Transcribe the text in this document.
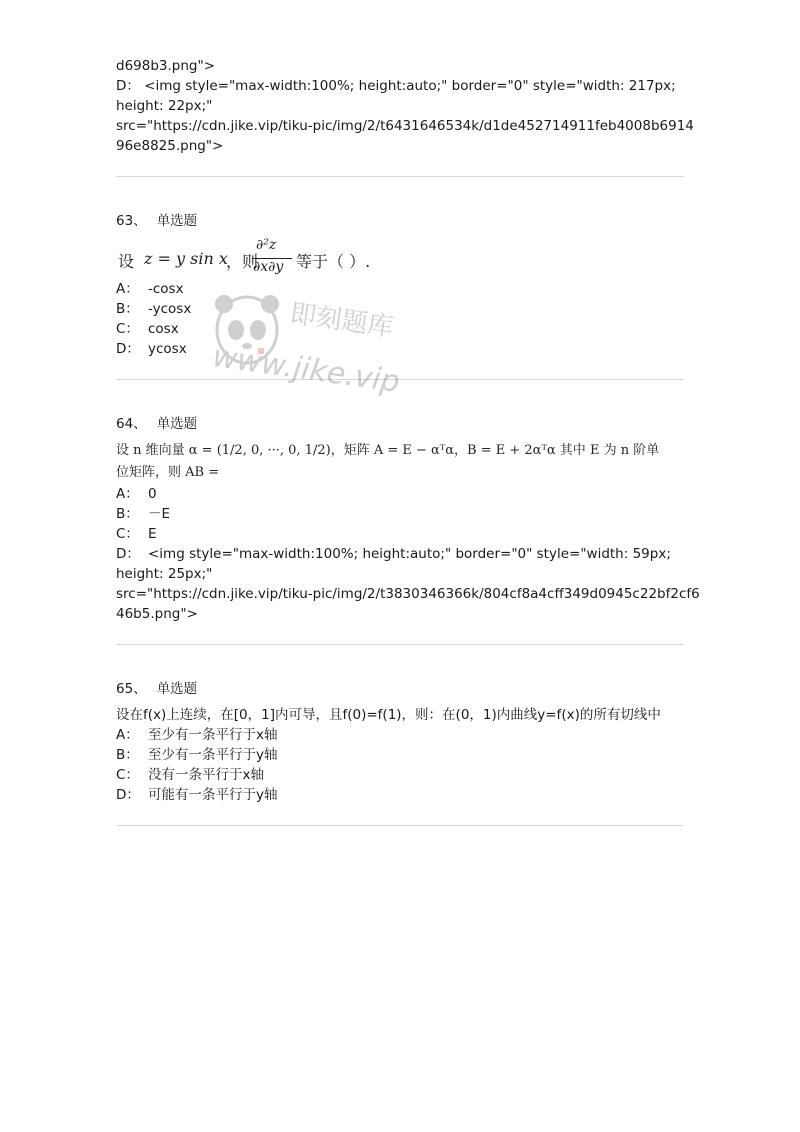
d698b3.png">
D： <img style="max-width:100%; height:auto;" border="0" style="width: 217px;
height: 22px;"
src="https://cdn.jike.vip/tiku-pic/img/2/t6431646534k/d1de452714911feb4008b6914
96e8825.png">
63、 单选题
设 z = y sin x
，则
∂²z
∂x∂y 等于（ ）.
A： -cosx
B： -ycosx
C： cosx
D： ycosx
64、 单选题
设 n 维向量 α = (1/2, 0, ···, 0, 1/2)，矩阵 A = E − αᵀα，B = E + 2αᵀα 其中 E 为 n 阶单
位矩阵，则 AB =
A： 0
B： －E
C： E
D： <img style="max-width:100%; height:auto;" border="0" style="width: 59px;
height: 25px;"
src="https://cdn.jike.vip/tiku-pic/img/2/t3830346366k/804cf8a4cff349d0945c22bf2cf6
46b5.png">
65、 单选题
设在f(x)上连续，在[0，1]内可导，且f(0)=f(1)，则：在(0，1)内曲线y=f(x)的所有切线中
A： 至少有一条平行于x轴
B： 至少有一条平行于y轴
C： 没有一条平行于x轴
D： 可能有一条平行于y轴
即刻题库
www.jike.vip
